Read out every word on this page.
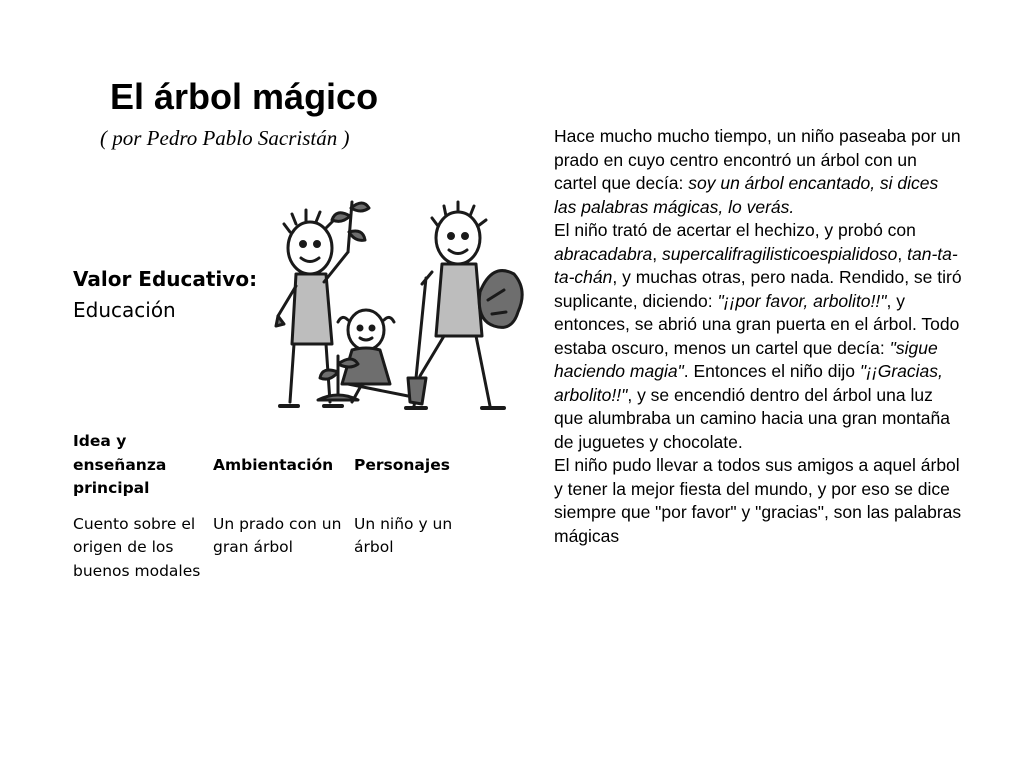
El árbol mágico
( por Pedro Pablo Sacristán )
Valor Educativo:
Educación
Idea y enseñanza principal	Ambientación	Personajes
Cuento sobre el origen de los buenos modales	Un prado con un gran árbol	Un niño y un árbol

Hace mucho mucho tiempo, un niño paseaba por un prado en cuyo centro encontró un árbol con un cartel que decía: soy un árbol encantado, si dices las palabras mágicas, lo verás.

El niño trató de acertar el hechizo, y probó con abracadabra, supercalifragilisticoespialidoso, tan-ta-ta-chán, y muchas otras, pero nada. Rendido, se tiró suplicante, diciendo: "¡¡por favor, arbolito!!", y entonces, se abrió una gran puerta en el árbol. Todo estaba oscuro, menos un cartel que decía: "sigue haciendo magia". Entonces el niño dijo "¡¡Gracias, arbolito!!", y se encendió dentro del árbol una luz que alumbraba un camino hacia una gran montaña de juguetes y chocolate.

El niño pudo llevar a todos sus amigos a aquel árbol y tener la mejor fiesta del mundo, y por eso se dice siempre que "por favor" y "gracias", son las palabras mágicas
